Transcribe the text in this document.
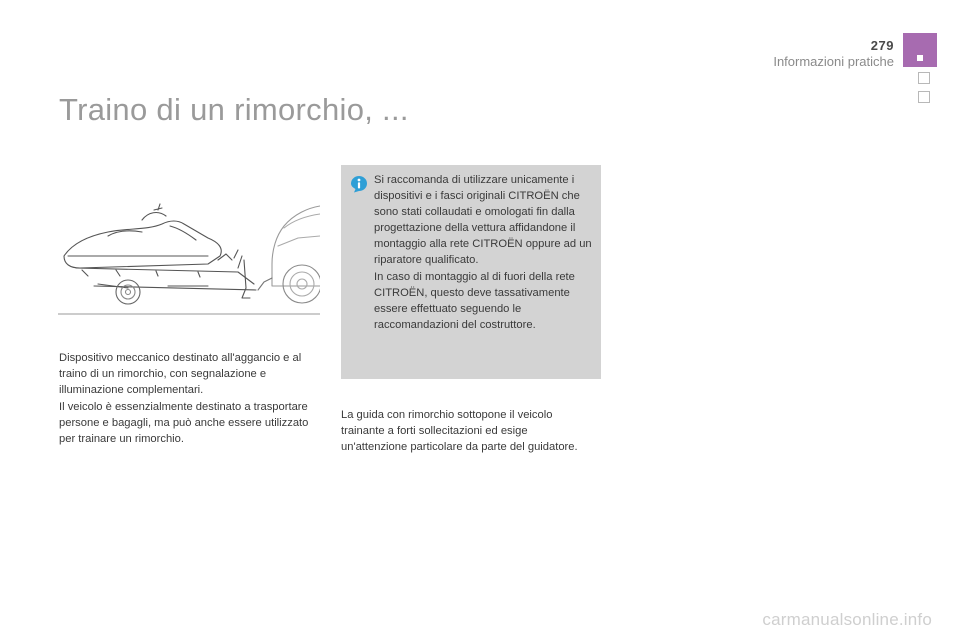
279
Informazioni pratiche
Traino di un rimorchio, ...

Dispositivo meccanico destinato all'aggancio e al traino di un rimorchio, con segnalazione e illuminazione complementari.

Il veicolo è essenzialmente destinato a trasportare persone e bagagli, ma può anche essere utilizzato per trainare un rimorchio.

Si raccomanda di utilizzare unicamente i dispositivi e i fasci originali CITROËN che sono stati collaudati e omologati fin dalla progettazione della vettura affidandone il montaggio alla rete CITROËN oppure ad un riparatore qualificato.

In caso di montaggio al di fuori della rete CITROËN, questo deve tassativamente essere effettuato seguendo le raccomandazioni del costruttore.

La guida con rimorchio sottopone il veicolo trainante a forti sollecitazioni ed esige un'attenzione particolare da parte del guidatore.

carmanualsonline.info
